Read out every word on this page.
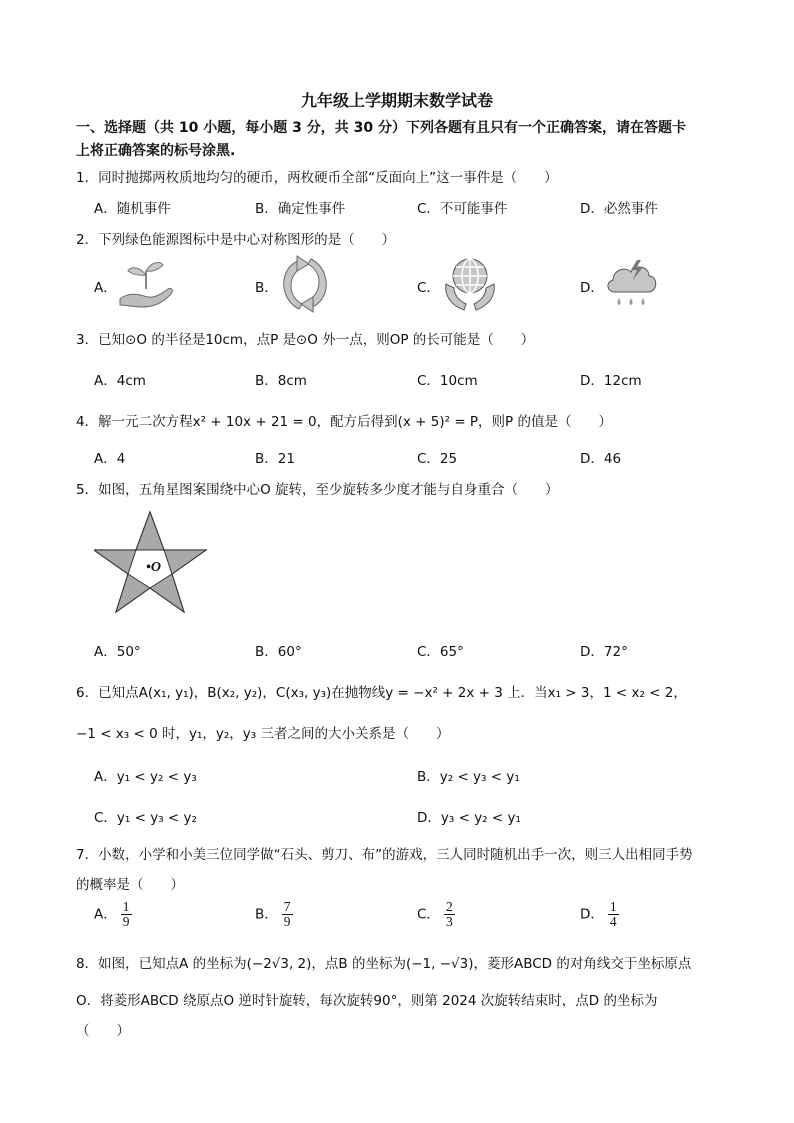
九年级上学期期末数学试卷
一、选择题（共 10 小题，每小题 3 分，共 30 分）下列各题有且只有一个正确答案，请在答题卡
上将正确答案的标号涂黑.
1．同时抛掷两枚质地均匀的硬币，两枚硬币全部“反面向上”这一事件是（　　）
A．随机事件	B．确定性事件	C．不可能事件	D．必然事件
2．下列绿色能源图标中是中心对称图形的是（　　）
A．	B．	C．	D．
3．已知⊙O 的半径是10cm，点P 是⊙O 外一点，则OP 的长可能是（　　）
A．4cm	B．8cm	C．10cm	D．12cm
4．解一元二次方程x² + 10x + 21 = 0，配方后得到(x + 5)² = P，则P 的值是（　　）
A．4	B．21	C．25	D．46
5．如图，五角星图案围绕中心O 旋转，至少旋转多少度才能与自身重合（　　）
•O
A．50°	B．60°	C．65°	D．72°
6．已知点A(x₁, y₁)，B(x₂, y₂)，C(x₃, y₃)在抛物线y = −x² + 2x + 3 上．当x₁ > 3，1 < x₂ < 2，
−1 < x₃ < 0 时，y₁，y₂，y₃ 三者之间的大小关系是（　　）
A．y₁ < y₂ < y₃	B．y₂ < y₃ < y₁
C．y₁ < y₃ < y₂	D．y₃ < y₂ < y₁
7．小数，小学和小美三位同学做“石头、剪刀、布”的游戏，三人同时随机出手一次，则三人出相同手势
的概率是（　　）
A． $\frac{1}{9}$	B． $\frac{7}{9}$	C． $\frac{2}{3}$	D． $\frac{1}{4}$
8．如图，已知点A 的坐标为(−2√3, 2)，点B 的坐标为(−1, −√3)，菱形ABCD 的对角线交于坐标原点
O．将菱形ABCD 绕原点O 逆时针旋转，每次旋转90°，则第 2024 次旋转结束时，点D 的坐标为
（　　）
